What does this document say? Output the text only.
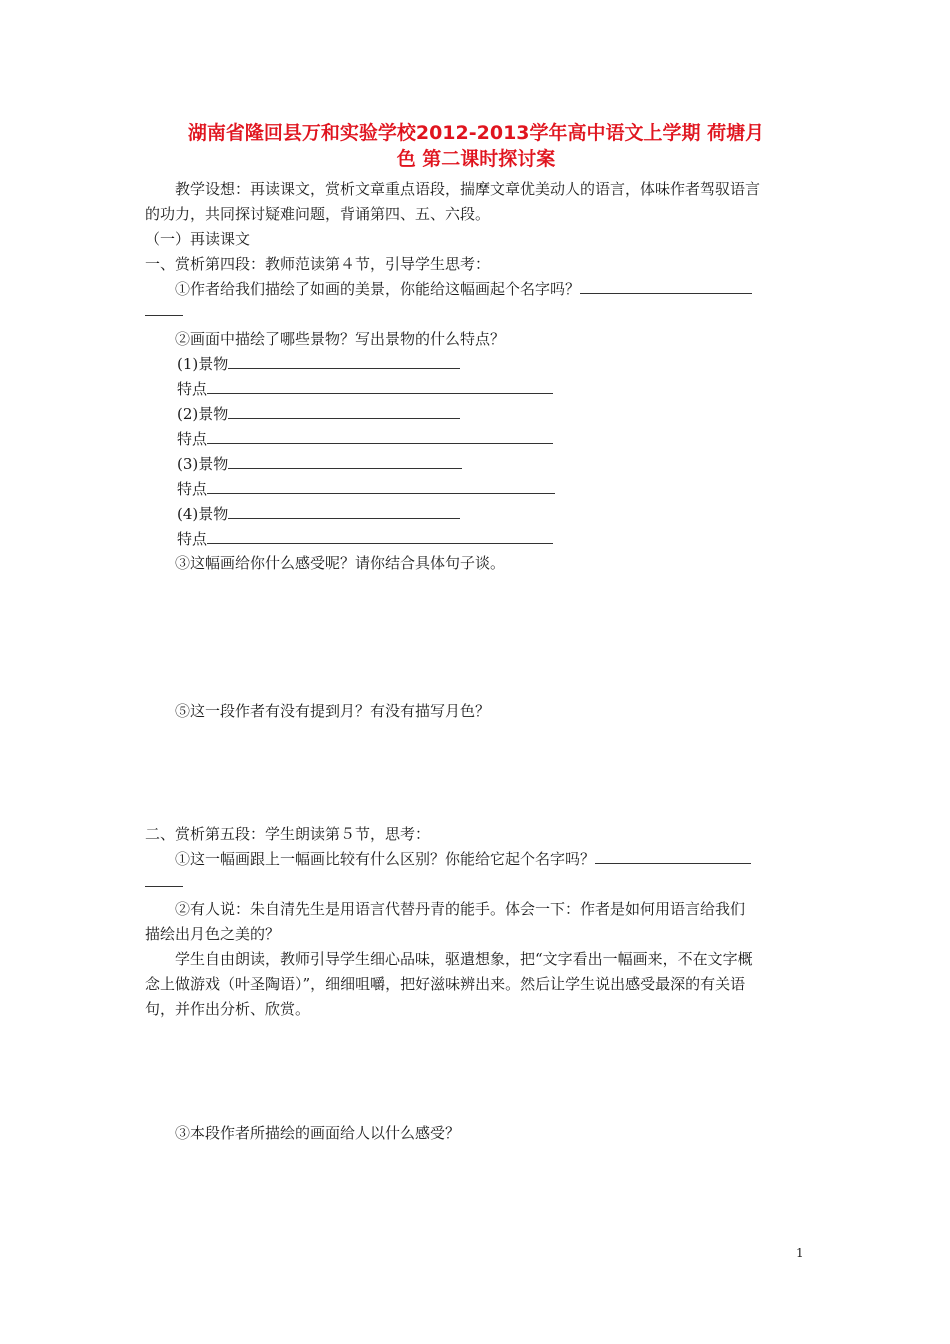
湖南省隆回县万和实验学校2012-2013学年高中语文上学期 荷塘月
色 第二课时探讨案
教学设想：再读课文，赏析文章重点语段，揣摩文章优美动人的语言，体味作者驾驭语言
的功力，共同探讨疑难问题，背诵第四、五、六段。
（一）再读课文
一、赏析第四段：教师范读第４节，引导学生思考：
①作者给我们描绘了如画的美景，你能给这幅画起个名字吗？
②画面中描绘了哪些景物？写出景物的什么特点？
(1)景物
特点
(2)景物
特点
(3)景物
特点
(4)景物
特点
③这幅画给你什么感受呢？请你结合具体句子谈。
⑤这一段作者有没有提到月？有没有描写月色？
二、赏析第五段：学生朗读第５节，思考：
①这一幅画跟上一幅画比较有什么区别？你能给它起个名字吗？
②有人说：朱自清先生是用语言代替丹青的能手。体会一下：作者是如何用语言给我们
描绘出月色之美的？
学生自由朗读，教师引导学生细心品味，驱遣想象，把“文字看出一幅画来，不在文字概
念上做游戏（叶圣陶语）”，细细咀嚼，把好滋味辨出来。然后让学生说出感受最深的有关语
句，并作出分析、欣赏。
③本段作者所描绘的画面给人以什么感受？
1
